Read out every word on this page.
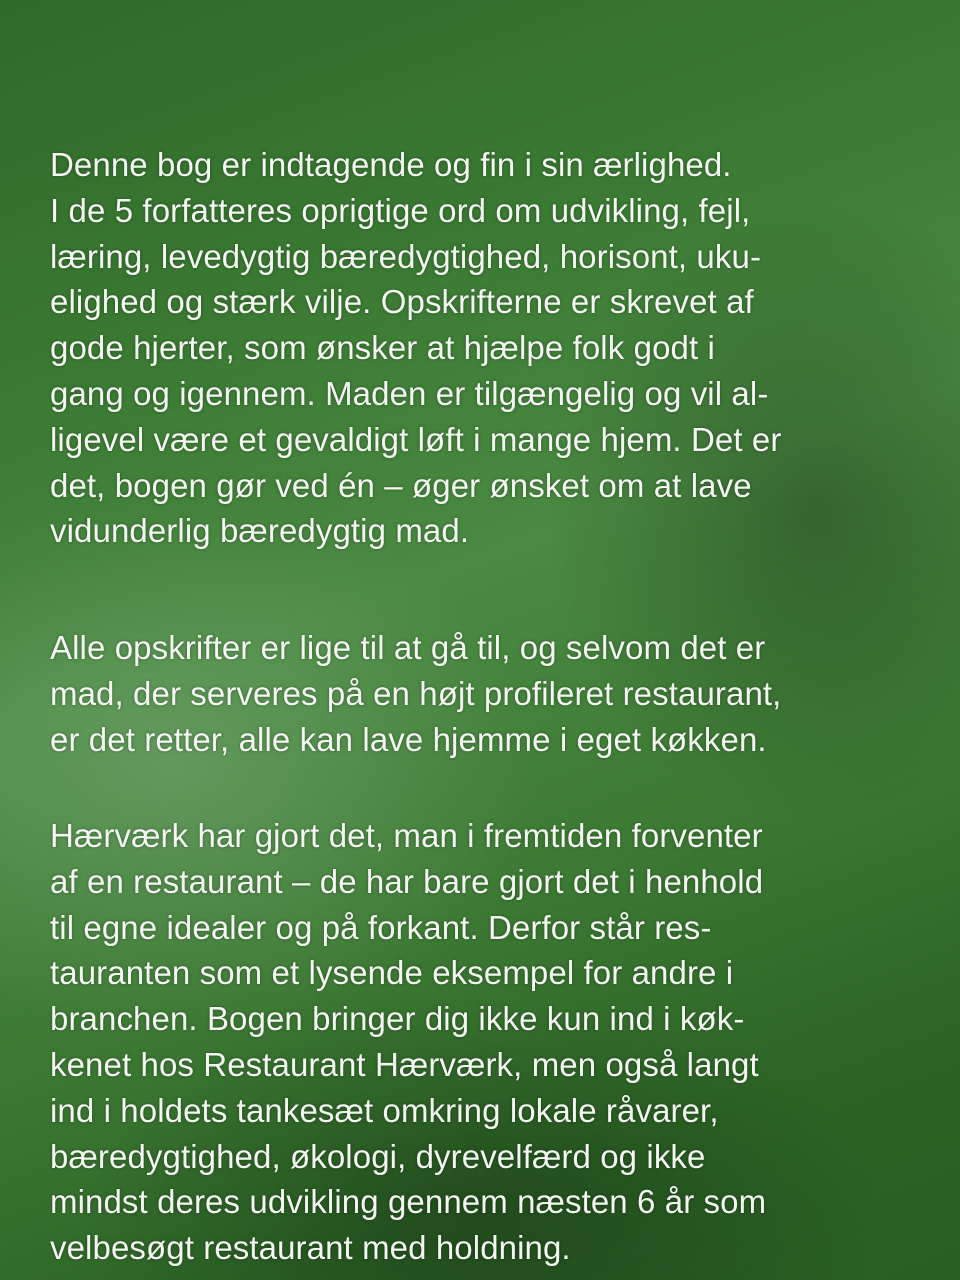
Denne bog er indtagende og fin i sin ærlighed.
I de 5 forfatteres oprigtige ord om udvikling, fejl,
læring, levedygtig bæredygtighed, horisont, uku-
elighed og stærk vilje. Opskrifterne er skrevet af
gode hjerter, som ønsker at hjælpe folk godt i
gang og igennem. Maden er tilgængelig og vil al-
ligevel være et gevaldigt løft i mange hjem. Det er
det, bogen gør ved én – øger ønsket om at lave
vidunderlig bæredygtig mad.
Alle opskrifter er lige til at gå til, og selvom det er
mad, der serveres på en højt profileret restaurant,
er det retter, alle kan lave hjemme i eget køkken.
Hærværk har gjort det, man i fremtiden forventer
af en restaurant – de har bare gjort det i henhold
til egne idealer og på forkant. Derfor står res-
tauranten som et lysende eksempel for andre i
branchen. Bogen bringer dig ikke kun ind i køk-
kenet hos Restaurant Hærværk, men også langt
ind i holdets tankesæt omkring lokale råvarer,
bæredygtighed, økologi, dyrevelfærd og ikke
mindst deres udvikling gennem næsten 6 år som
velbesøgt restaurant med holdning.
